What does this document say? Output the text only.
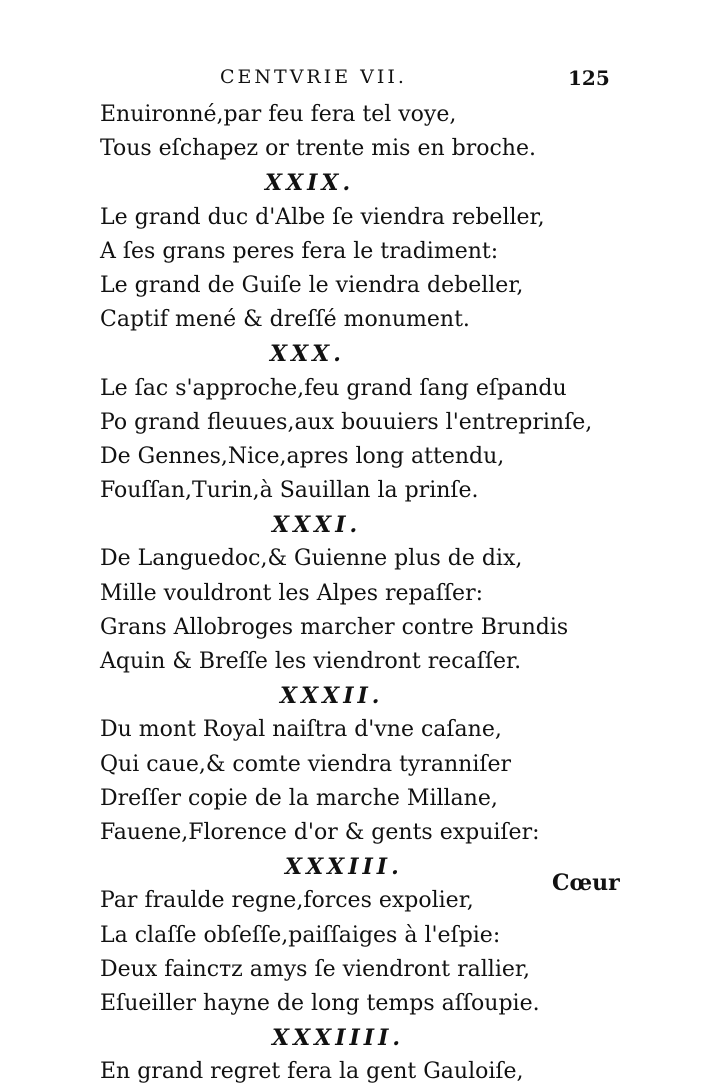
CENTVRIE VII.	125
Enuironné,par feu fera tel voye,
Tous eſchapez or trente mis en broche.
XXIX.
Le grand duc d'Albe ſe viendra rebeller,
A ſes grans peres fera le tradiment:
Le grand de Guiſe le viendra debeller,
Captif mené & dreſſé monument.
XXX.
Le ſac s'approche,feu grand ſang eſpandu
Po grand fleuues,aux bouuiers l'entreprinſe,
De Gennes,Nice,apres long attendu,
Fouſſan,Turin,à Sauillan la prinſe.
XXXI.
De Languedoc,& Guienne plus de dix,
Mille vouldront les Alpes repaſſer:
Grans Allobroges marcher contre Brundis
Aquin & Breſſe les viendront recaſſer.
XXXII.
Du mont Royal naiſtra d'vne caſane,
Qui caue,& comte viendra tyranniſer
Dreſſer copie de la marche Millane,
Fauene,Florence d'or & gents expuiſer:
XXXIII.
Par fraulde regne,forces expolier,
La claſſe obſeſſe,paiſſaiges à l'eſpie:
Deux faincтz amys ſe viendront rallier,
Eſueiller hayne de long temps aſſoupie.
XXXIIII.
En grand regret fera la gent Gauloiſe,
Cœur
